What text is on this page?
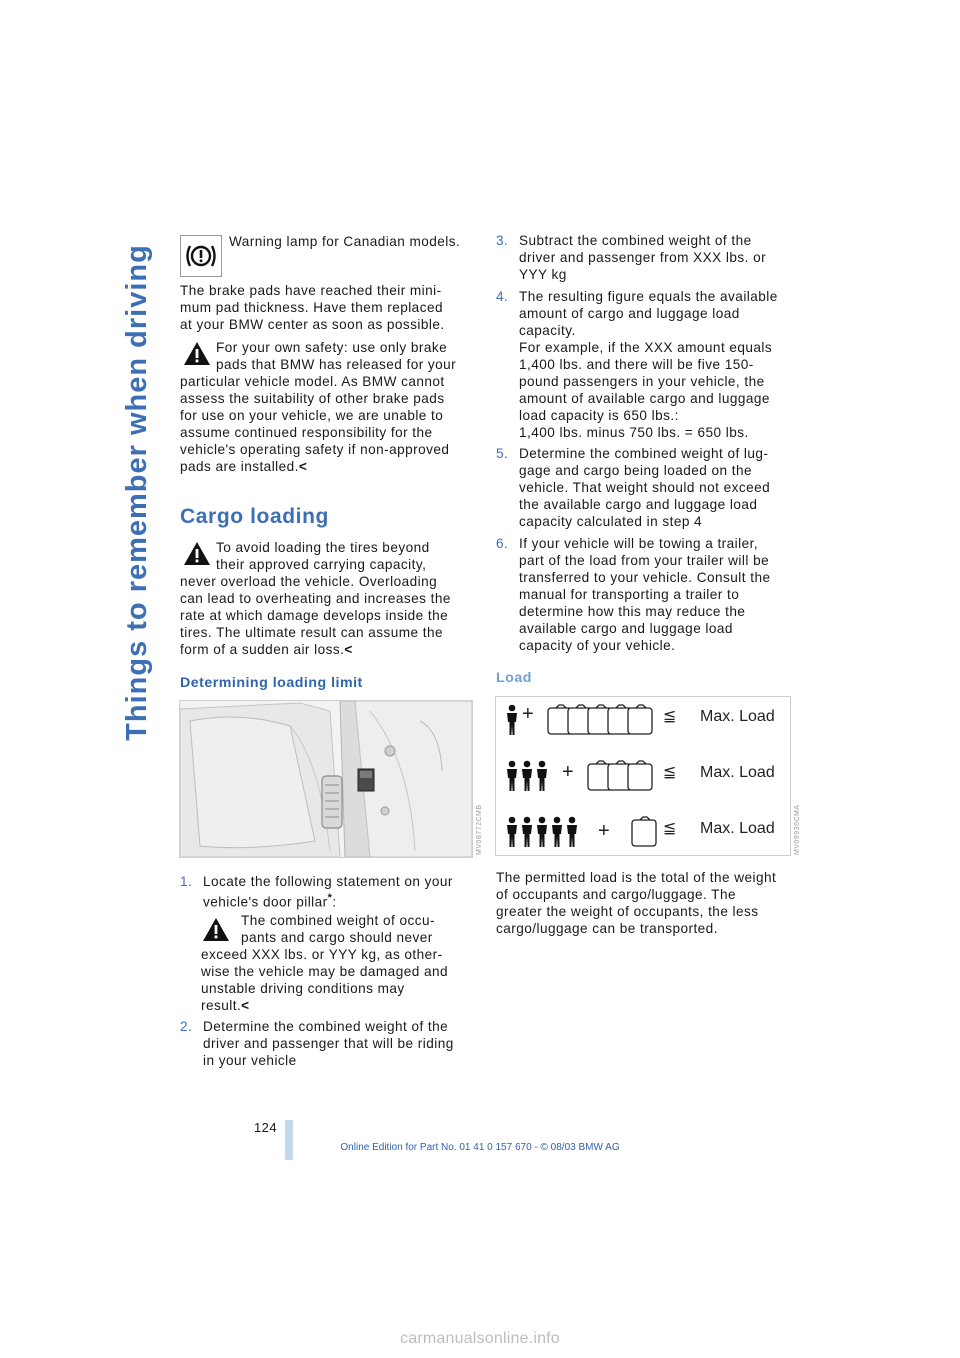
Things to remember when driving

Warning lamp for Canadian models.

The brake pads have reached their mini-

mum pad thickness. Have them replaced

at your BMW center as soon as possible.

For your own safety: use only brake

pads that BMW has released for your

particular vehicle model. As BMW cannot

assess the suitability of other brake pads

for use on your vehicle, we are unable to

assume continued responsibility for the

vehicle's operating safety if non-approved

pads are installed.<

Cargo loading

To avoid loading the tires beyond

their approved carrying capacity,

never overload the vehicle. Overloading

can lead to overheating and increases the

rate at which damage develops inside the

tires. The ultimate result can assume the

form of a sudden air loss.<

Determining loading limit
MV08772CMB
1. Locate the following statement on your

vehicle's door pillar*:

The combined weight of occu-

pants and cargo should never

exceed XXX lbs. or YYY kg, as other-

wise the vehicle may be damaged and

unstable driving conditions may

result.<

2. Determine the combined weight of the

driver and passenger that will be riding

in your vehicle

3. Subtract the combined weight of the

driver and passenger from XXX lbs. or

YYY kg

4. The resulting figure equals the available

amount of cargo and luggage load

capacity.

For example, if the XXX amount equals

1,400 lbs. and there will be five 150-

pound passengers in your vehicle, the

amount of available cargo and luggage

load capacity is 650 lbs.:

1,400 lbs. minus 750 lbs. = 650 lbs.

5. Determine the combined weight of lug-

gage and cargo being loaded on the

vehicle. That weight should not exceed

the available cargo and luggage load

capacity calculated in step 4

6. If your vehicle will be towing a trailer,

part of the load from your trailer will be

transferred to your vehicle. Consult the

manual for transporting a trailer to

determine how this may reduce the

available cargo and luggage load

capacity of your vehicle.

Load
MV09936CMA
+	≦ Max. Load
+	≦ Max. Load
+	≦ Max. Load

The permitted load is the total of the weight

of occupants and cargo/luggage. The

greater the weight of occupants, the less

cargo/luggage can be transported.

124
Online Edition for Part No. 01 41 0 157 670 - © 08/03 BMW AG
carmanualsonline.info
